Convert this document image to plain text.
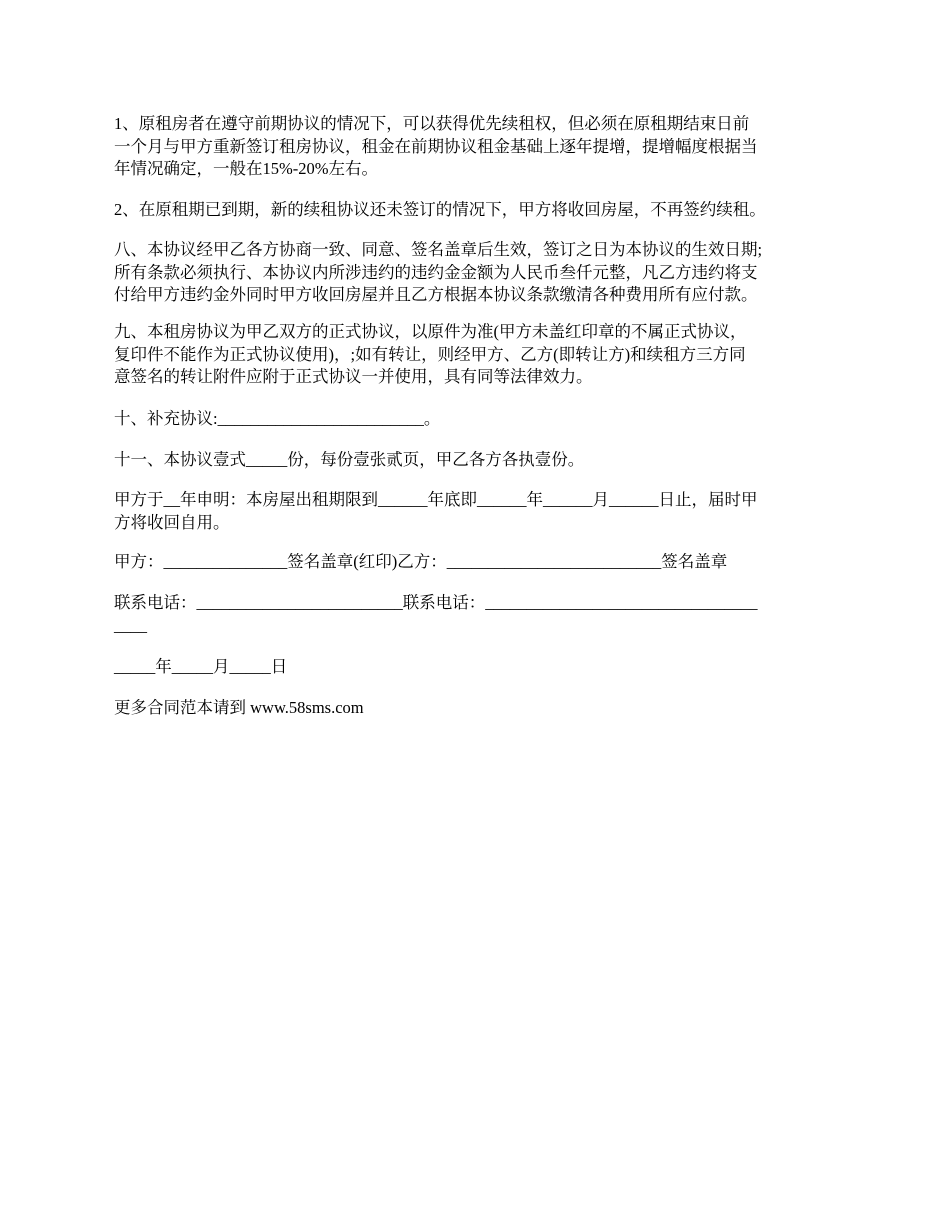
1、原租房者在遵守前期协议的情况下，可以获得优先续租权，但必须在原租期结束日前
一个月与甲方重新签订租房协议，租金在前期协议租金基础上逐年提增，提增幅度根据当
年情况确定，一般在15%-20%左右。

2、在原租期已到期，新的续租协议还未签订的情况下，甲方将收回房屋，不再签约续租。

八、本协议经甲乙各方协商一致、同意、签名盖章后生效，签订之日为本协议的生效日期;
所有条款必须执行、本协议内所涉违约的违约金金额为人民币叁仟元整，凡乙方违约将支
付给甲方违约金外同时甲方收回房屋并且乙方根据本协议条款缴清各种费用所有应付款。

九、本租房协议为甲乙双方的正式协议，以原件为准(甲方未盖红印章的不属正式协议，
复印件不能作为正式协议使用)，;如有转让，则经甲方、乙方(即转让方)和续租方三方同
意签名的转让附件应附于正式协议一并使用，具有同等法律效力。

十、补充协议:_________________________。

十一、本协议壹式_____份，每份壹张贰页，甲乙各方各执壹份。

甲方于__年申明：本房屋出租期限到______年底即______年______月______日止，届时甲
方将收回自用。

甲方：_______________签名盖章(红印)乙方：__________________________签名盖章

联系电话：_________________________联系电话：_________________________________
____

_____年_____月_____日

更多合同范本请到 www.58sms.com
